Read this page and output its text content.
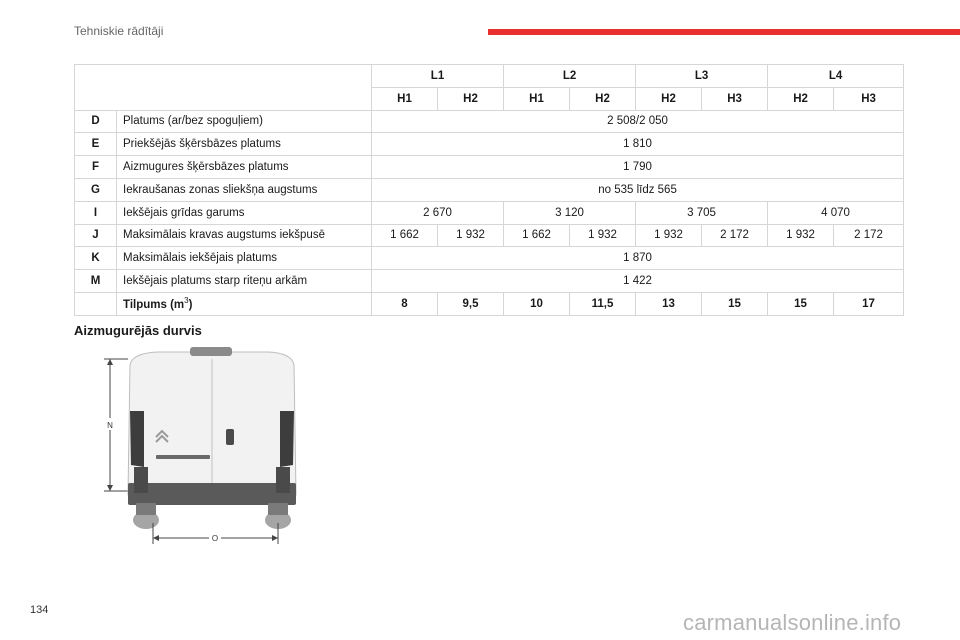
Tehniskie rādītāji
		L1		L2		L3		L4	
		H1	H2	H1	H2	H2	H3	H2	H3
D	Platums (ar/bez spoguļiem)	2 508/2 050							
E	Priekšējās šķērsbāzes platums	1 810							
F	Aizmugures šķērsbāzes platums	1 790							
G	Iekraušanas zonas sliekšņa augstums	no 535 līdz 565							
I	Iekšējais grīdas garums	2 670		3 120		3 705		4 070	
J	Maksimālais kravas augstums iekšpusē	1 662	1 932	1 662	1 932	1 932	2 172	1 932	2 172
K	Maksimālais iekšējais platums	1 870							
M	Iekšējais platums starp riteņu arkām	1 422							
	Tilpums $(m^3)$	8	9,5	10	11,5	13	15	15	17
Aizmugurējās durvis
N
O
134	carmanualsonline.info
